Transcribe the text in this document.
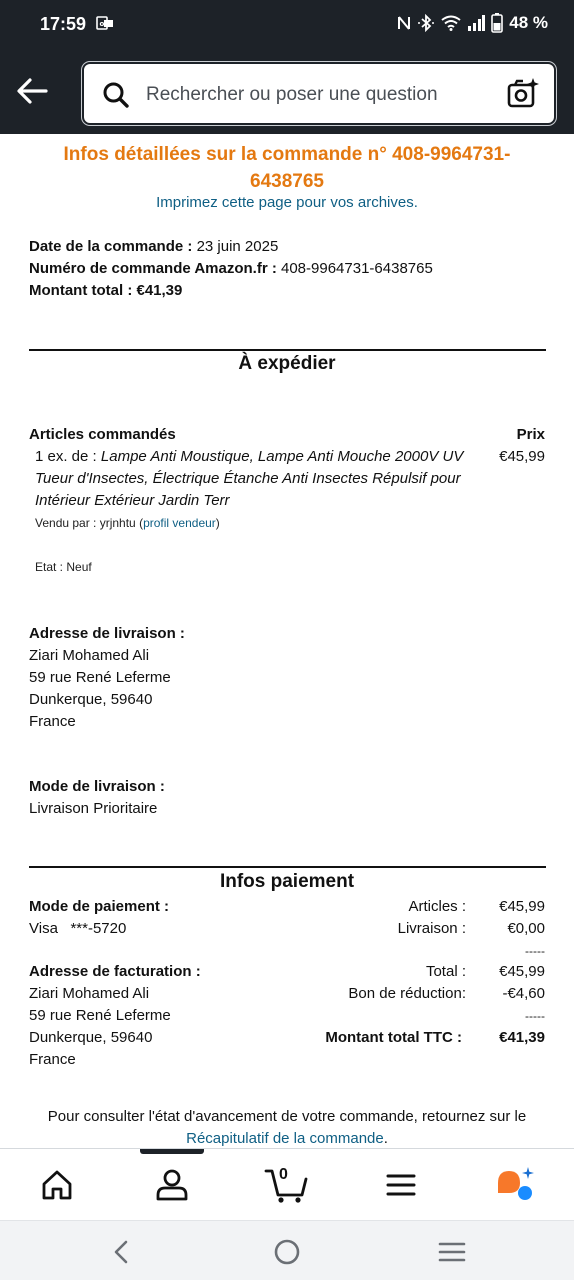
17:59 o	48 %
Rechercher ou poser une question
Infos détaillées sur la commande n° 408-9964731-6438765
Imprimez cette page pour vos archives.
Date de la commande : 23 juin 2025
Numéro de commande Amazon.fr : 408-9964731-6438765
Montant total : €41,39
À expédier
Articles commandés	Prix
1 ex. de : Lampe Anti Moustique, Lampe Anti Mouche 2000V UV Tueur d'Insectes, Électrique Étanche Anti Insectes Répulsif pour Intérieur Extérieur Jardin Terr
€45,99
Vendu par : yrjnhtu (profil vendeur)
Etat : Neuf
Adresse de livraison :
Ziari Mohamed Ali
59 rue René Leferme
Dunkerque, 59640
France
Mode de livraison :
Livraison Prioritaire
Infos paiement
Mode de paiement :
Visa ***-5720
Adresse de facturation :
Ziari Mohamed Ali
59 rue René Leferme
Dunkerque, 59640
France
Articles : €45,99
Livraison :	€0,00
-----
Total : €45,99
Bon de réduction: -€4,60
-----
Montant total TTC : €41,39
Pour consulter l'état d'avancement de votre commande, retournez sur le Récapitulatif de la commande.
0
